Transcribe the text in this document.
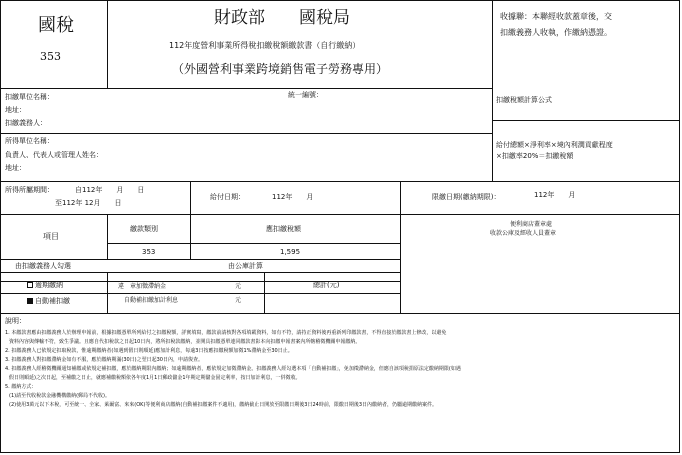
國稅
353
財政部　　國稅局
112年度營利事業所得稅扣繳稅額繳款書（自行繳納）
（外國營利事業跨境銷售電子勞務專用）
收據聯：本聯經收款蓋章後，交
扣繳義務人收執，作繳納憑證。
扣繳單位名稱：	統一編號：
地址：
扣繳義務人：
扣繳稅額計算公式
給付總額×淨利率×境內利潤貢獻程度
×扣繳率20%＝扣繳稅額
所得單位名稱：
負責人、代表人或管理人姓名：
地址：
所得所屬期間：	自112年　　月　　日
至112年 12月　　日
給付日期：	112年　　月	限繳日期(繳納期限)：	112年　　月
項目
繳款類別	應扣繳稅額
353	1,595
便利商店蓋章處
收款公庫及經收人員蓋章
由扣繳義務人勾選	由公庫計算
逾期繳納	違　章加徵滯納金	元	總計(元)
自動補扣繳	自動補扣繳加計利息	元
說明：
1. 本繳款書應由扣繳義務人於辦理申報前，根據扣繳憑單所列給付之扣繳稅額，詳實填寫，繳款前請核對各項填載資料，如有不符，請持正資料後再重新列印繳款書，不得直接於繳款書上修改，以避免
資料內容與傳輸不符，致生爭議。且應自代扣稅款之日起10日內，將所扣稅款繳納，並開具扣繳憑單連同繳款書影本向扣繳申報書案內所轄稽徵機關申報繳納。
2. 扣繳義務人已依規定扣取稅款，惟逾期繳納者(如遇到假日則順延)應加計利息，每逾3日按應扣繳稅額加徵1%滯納金至30日止。
3. 扣繳義務人對扣繳滯納金如有不服，應於繳納期滿(30日)之翌日起30日內，申請復查。
4. 扣繳義務人經稽徵機關通知補繳或依規定補扣繳，應於繳納期限內繳納；如逾期繳納者，應依規定加徵滯納金。扣繳義務人經勾選本項「自動補扣繳」，免加徵滯納金，但應自該項稅捐原法定繳納期限(如遇
假日則順延)之次日起，至補繳之日止，就應補繳稅額依各年度1月1日郵政儲金1年期定期儲金固定利率，按日加計利息，一併徵收。
5. 繳納方式：
(1)請至代收稅款金融機構繳納(郵局不代收)。
(2)使用3萬元以下本稅，可至統一、全家、萊爾富、來來(OK)等便利商店繳納(自動補扣繳案件不適用)，繳納截止日開放至限繳日期後3日24時前，限繳日期後3日內繳納者，仍屬逾期繳納案件。
